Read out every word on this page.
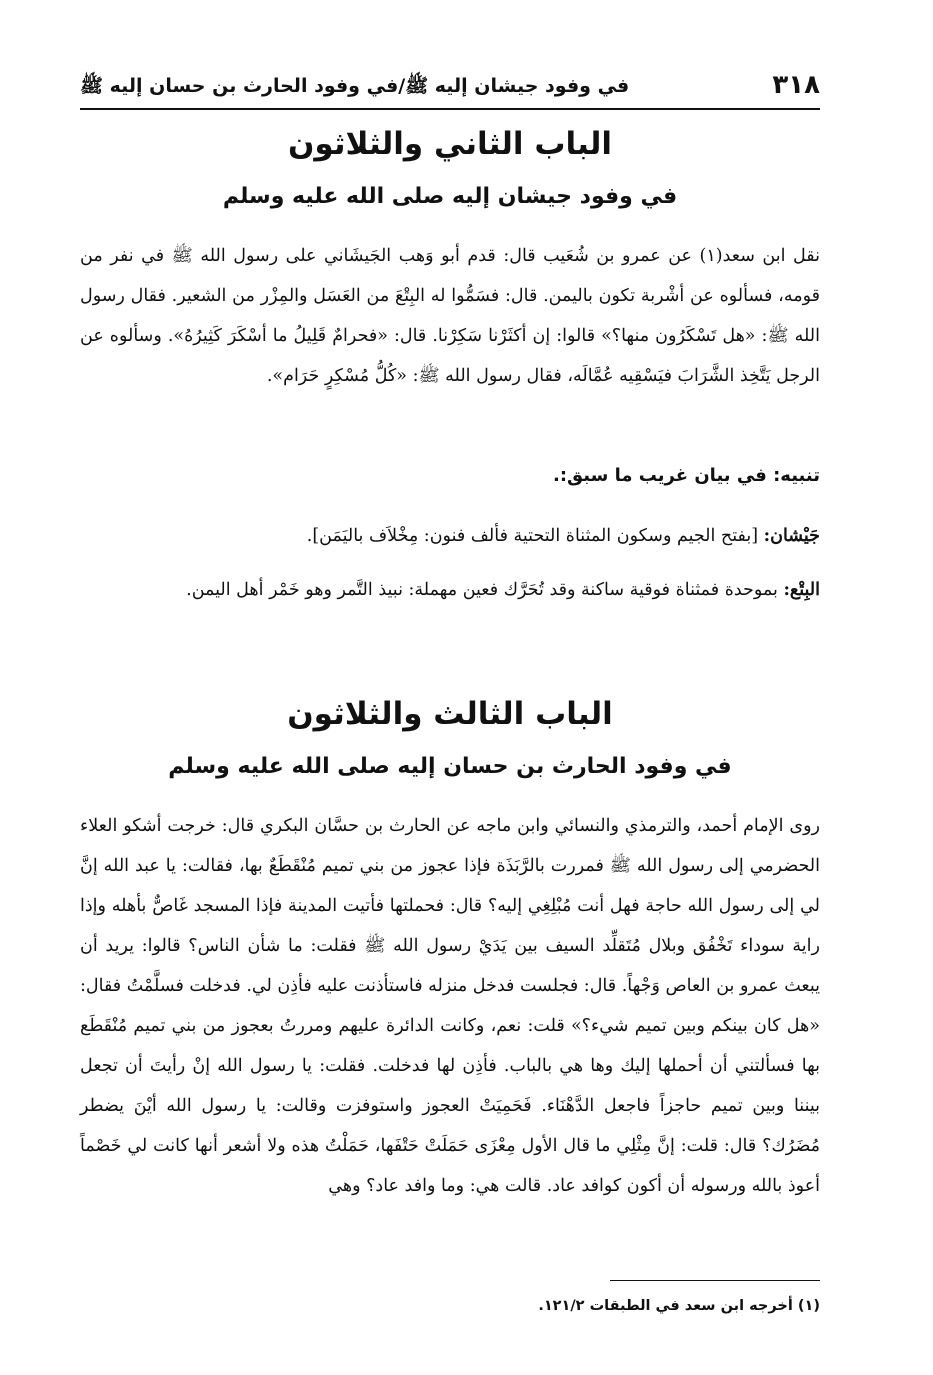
٣١٨
في وفود جيشان إليه ﷺ/في وفود الحارث بن حسان إليه ﷺ
الباب الثاني والثلاثون
في وفود جيشان إليه صلى الله عليه وسلم

نقل ابن سعد(١) عن عمرو بن شُعَيب قال: قدم أبو وَهب الجَيشَاني على رسول الله ﷺ في نفر من قومه، فسألوه عن أشْربة تكون باليمن. قال: فسَمُّوا له البِتْعَ من العَسَل والمِزْر من الشعير. فقال رسول الله ﷺ: «هل تَسْكَرُون منها؟» قالوا: إن أكثَرْنا سَكِرْنا. قال: «فحرامٌ قَلِيلُ ما أسْكَرَ كَثِيرُهُ». وسألوه عن الرجل يَتَّخِذ الشَّرَابَ فيَسْقِيه عُمَّالَه، فقال رسول الله ﷺ: «كُلُّ مُسْكِرٍ حَرَام».

تنبيه: في بيان غريب ما سبق:.

جَيْشان: [بفتح الجيم وسكون المثناة التحتية فألف فنون: مِخْلاَف باليَمَن].

البِتْع: بموحدة فمثناة فوقية ساكنة وقد تُحَرَّك فعين مهملة: نبيذ التَّمر وهو خَمْر أهل اليمن.

الباب الثالث والثلاثون
في وفود الحارث بن حسان إليه صلى الله عليه وسلم

روى الإمام أحمد، والترمذي والنسائي وابن ماجه عن الحارث بن حسَّان البكري قال: خرجت أشكو العلاء الحضرمي إلى رسول الله ﷺ فمررت بالرَّبَذَة فإذا عجوز من بني تميم مُنْقَطَعٌ بها، فقالت: يا عبد الله إنَّ لي إلى رسول الله حاجة فهل أنت مُبْلِغِي إليه؟ قال: فحملتها فأتيت المدينة فإذا المسجد غَاصٌّ بأهله وإذا راية سوداء تَخْفُق وبلال مُتَقلِّد السيف بين يَدَيْ رسول الله ﷺ فقلت: ما شأن الناس؟ قالوا: يريد أن يبعث عمرو بن العاص وَجْهاً. قال: فجلست فدخل منزله فاستأذنت عليه فأذِن لي. فدخلت فسلَّمْتُ فقال: «هل كان بينكم وبين تميم شيء؟» قلت: نعم، وكانت الدائرة عليهم ومررتُ بعجوز من بني تميم مُنْقَطَع بها فسألتني أن أحملها إليك وها هي بالباب. فأذِن لها فدخلت. فقلت: يا رسول الله إنْ رأيتَ أن تجعل بيننا وبين تميم حاجزاً فاجعل الدَّهْنَاء. فَحَمِيَتْ العجوز واستوفزت وقالت: يا رسول الله أيْنَ يضطر مُضَرُك؟ قال: قلت: إنَّ مِثْلِي ما قال الأول مِعْزَى حَمَلَتْ حَتْفَها، حَمَلْتُ هذه ولا أشعر أنها كانت لي خَصْماً أعوذ بالله ورسوله أن أكون كوافد عاد. قالت هي: وما وافد عاد؟ وهي

(١) أخرجه ابن سعد في الطبقات ١٢١/٢.
